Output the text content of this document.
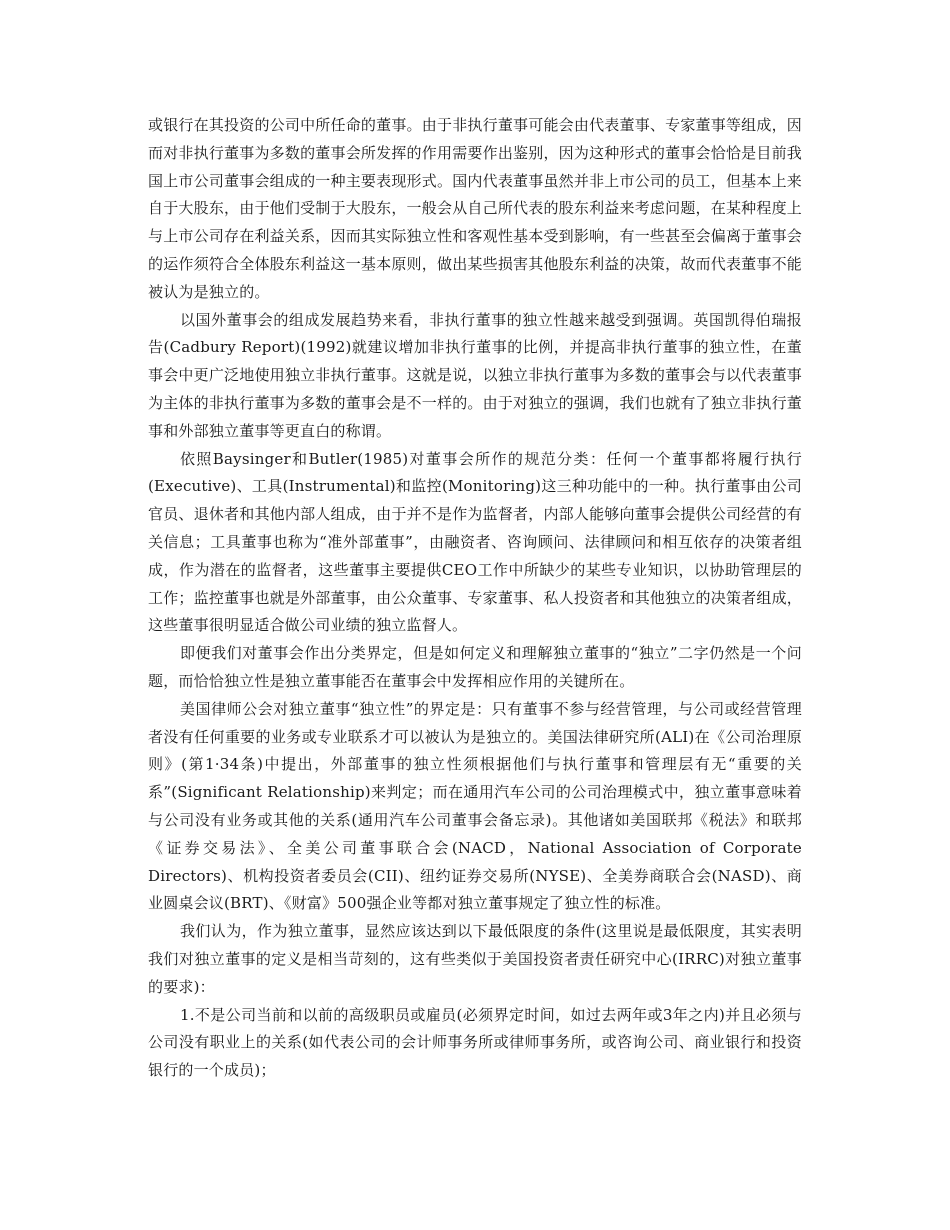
或银行在其投资的公司中所任命的董事。由于非执行董事可能会由代表董事、专家董事等组成，因而对非执行董事为多数的董事会所发挥的作用需要作出鉴别，因为这种形式的董事会恰恰是目前我国上市公司董事会组成的一种主要表现形式。国内代表董事虽然并非上市公司的员工，但基本上来自于大股东，由于他们受制于大股东，一般会从自己所代表的股东利益来考虑问题，在某种程度上与上市公司存在利益关系，因而其实际独立性和客观性基本受到影响，有一些甚至会偏离于董事会的运作须符合全体股东利益这一基本原则，做出某些损害其他股东利益的决策，故而代表董事不能被认为是独立的。

以国外董事会的组成发展趋势来看，非执行董事的独立性越来越受到强调。英国凯得伯瑞报告(Cadbury Report)(1992)就建议增加非执行董事的比例，并提高非执行董事的独立性，在董事会中更广泛地使用独立非执行董事。这就是说，以独立非执行董事为多数的董事会与以代表董事为主体的非执行董事为多数的董事会是不一样的。由于对独立的强调，我们也就有了独立非执行董事和外部独立董事等更直白的称谓。

依照Baysinger和Butler(1985)对董事会所作的规范分类：任何一个董事都将履行执行(Executive)、工具(Instrumental)和监控(Monitoring)这三种功能中的一种。执行董事由公司官员、退休者和其他内部人组成，由于并不是作为监督者，内部人能够向董事会提供公司经营的有关信息；工具董事也称为“准外部董事”，由融资者、咨询顾问、法律顾问和相互依存的决策者组成，作为潜在的监督者，这些董事主要提供CEO工作中所缺少的某些专业知识，以协助管理层的工作；监控董事也就是外部董事，由公众董事、专家董事、私人投资者和其他独立的决策者组成，这些董事很明显适合做公司业绩的独立监督人。

即便我们对董事会作出分类界定，但是如何定义和理解独立董事的“独立”二字仍然是一个问题，而恰恰独立性是独立董事能否在董事会中发挥相应作用的关键所在。

美国律师公会对独立董事“独立性”的界定是：只有董事不参与经营管理，与公司或经营管理者没有任何重要的业务或专业联系才可以被认为是独立的。美国法律研究所(ALI)在《公司治理原则》(第1·34条)中提出，外部董事的独立性须根据他们与执行董事和管理层有无“重要的关系”(Significant Relationship)来判定；而在通用汽车公司的公司治理模式中，独立董事意味着与公司没有业务或其他的关系(通用汽车公司董事会备忘录)。其他诸如美国联邦《税法》和联邦《证券交易法》、全美公司董事联合会(NACD，National Association of Corporate Directors)、机构投资者委员会(CII)、纽约证券交易所(NYSE)、全美券商联合会(NASD)、商业圆桌会议(BRT)、《财富》500强企业等都对独立董事规定了独立性的标准。

我们认为，作为独立董事，显然应该达到以下最低限度的条件(这里说是最低限度，其实表明我们对独立董事的定义是相当苛刻的，这有些类似于美国投资者责任研究中心(IRRC)对独立董事的要求)：

1.不是公司当前和以前的高级职员或雇员(必须界定时间，如过去两年或3年之内)并且必须与公司没有职业上的关系(如代表公司的会计师事务所或律师事务所，或咨询公司、商业银行和投资银行的一个成员)；
